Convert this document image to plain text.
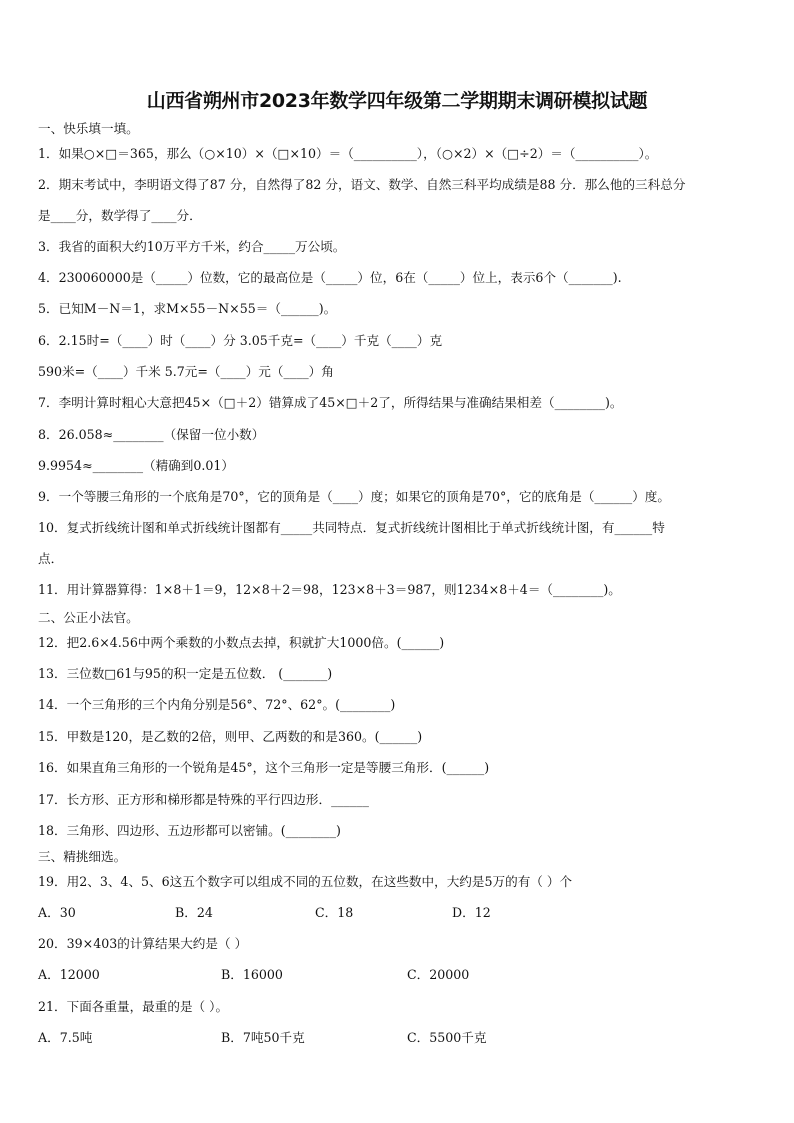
山西省朔州市2023年数学四年级第二学期期末调研模拟试题
一、快乐填一填。
1．如果○×□＝365，那么（○×10）×（□×10）＝（__________），（○×2）×（□÷2）＝（__________）。
2．期末考试中，李明语文得了87 分，自然得了82 分，语文、数学、自然三科平均成绩是88 分．那么他的三科总分
是____分，数学得了____分．
3．我省的面积大约10万平方千米，约合_____万公顷。
4．230060000是（_____）位数，它的最高位是（_____）位，6在（_____）位上，表示6个（_______).
5．已知M－N＝1，求M×55－N×55＝（______)。
6．2.15时=（____）时（____）分 3.05千克=（____）千克（____）克
590米=（____）千米 5.7元=（____）元（____）角
7．李明计算时粗心大意把45×（□＋2）错算成了45×□＋2了，所得结果与准确结果相差（________)。
8．26.058≈________（保留一位小数）
9.9954≈________（精确到0.01）
9．一个等腰三角形的一个底角是70°，它的顶角是（____）度；如果它的顶角是70°，它的底角是（______）度。
10．复式折线统计图和单式折线统计图都有_____共同特点．复式折线统计图相比于单式折线统计图，有______特
点．
11．用计算器算得：1×8＋1＝9，12×8＋2＝98，123×8＋3＝987，则1234×8＋4＝（________)。
二、公正小法官。
12．把2.6×4.56中两个乘数的小数点去掉，积就扩大1000倍。(______)
13．三位数□61与95的积一定是五位数． (_______)
14．一个三角形的三个内角分别是56°、72°、62°。(________)
15．甲数是120，是乙数的2倍，则甲、乙两数的和是360。(______)
16．如果直角三角形的一个锐角是45°，这个三角形一定是等腰三角形．(______)
17．长方形、正方形和梯形都是特殊的平行四边形．______
18．三角形、四边形、五边形都可以密铺。(________)
三、精挑细选。
19．用2、3、4、5、6这五个数字可以组成不同的五位数，在这些数中，大约是5万的有（ ）个
A．30	B．24	C．18	D．12
20．39×403的计算结果大约是（ ）
A．12000	B．16000	C．20000
21．下面各重量，最重的是（ ）。
A．7.5吨	B．7吨50千克	C．5500千克
